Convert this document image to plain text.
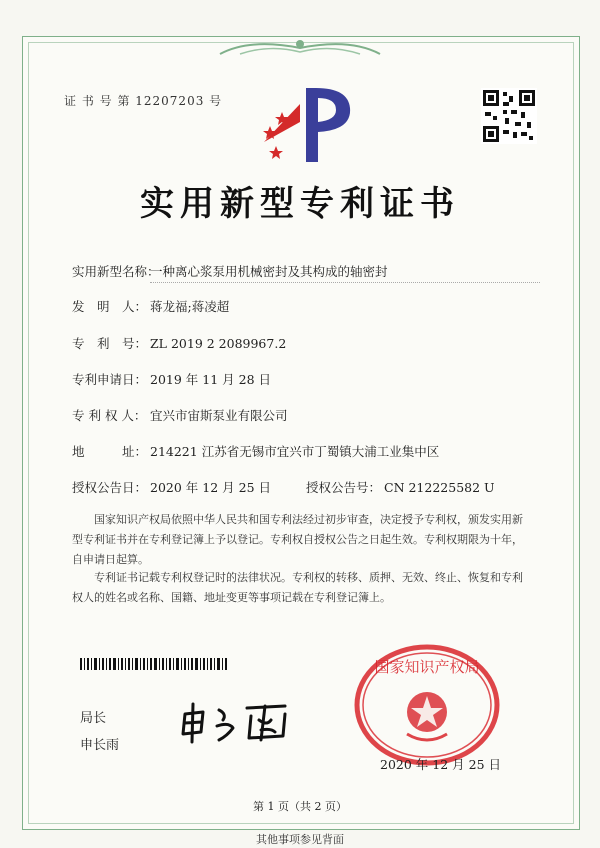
证 书 号 第 12207203 号
实用新型专利证书
实用新型名称：一种离心浆泵用机械密封及其构成的轴密封
发　明　人： 蒋龙福;蒋凌超
专　利　号： ZL 2019 2 2089967.2
专利申请日： 2019 年 11 月 28 日
专 利 权 人： 宜兴市宙斯泵业有限公司
地　　　址： 214221 江苏省无锡市宜兴市丁蜀镇大浦工业集中区
授权公告日： 2020 年 12 月 25 日	授权公告号： CN 212225582 U

国家知识产权局依照中华人民共和国专利法经过初步审查，决定授予专利权，颁发实用新型专利证书并在专利登记簿上予以登记。专利权自授权公告之日起生效。专利权期限为十年，自申请日起算。

专利证书记载专利权登记时的法律状况。专利权的转移、质押、无效、终止、恢复和专利权人的姓名或名称、国籍、地址变更等事项记载在专利登记簿上。

局长
申长雨
国家知识产权局
2020 年 12 月 25 日
第 1 页（共 2 页）
其他事项参见背面
